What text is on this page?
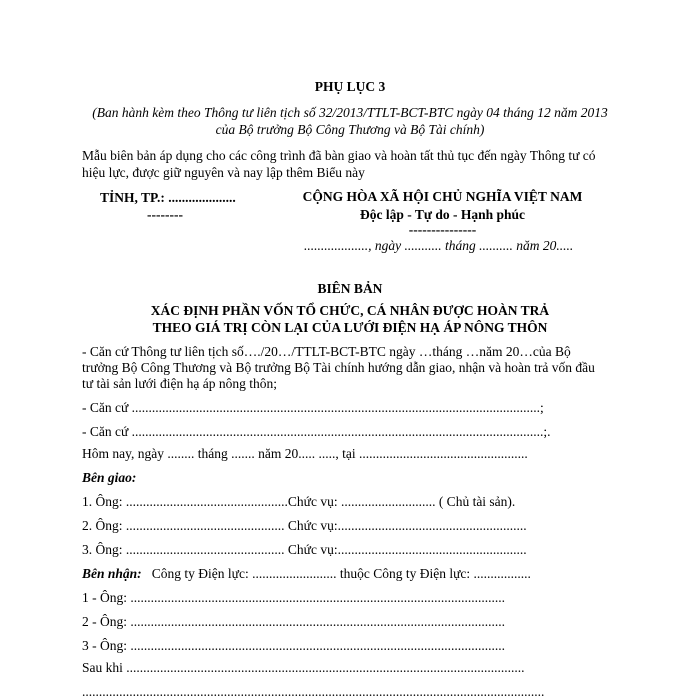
PHỤ LỤC 3
(Ban hành kèm theo Thông tư liên tịch số 32/2013/TTLT-BCT-BTC ngày 04 tháng 12 năm 2013
của Bộ trưởng Bộ Công Thương và Bộ Tài chính)
Mẫu biên bản áp dụng cho các công trình đã bàn giao và hoàn tất thủ tục đến ngày Thông tư có
hiệu lực, được giữ nguyên và nay lập thêm Biểu này
TỈNH, TP.: ....................
--------
CỘNG HÒA XÃ HỘI CHỦ NGHĨA VIỆT NAM
Độc lập - Tự do - Hạnh phúc
---------------
..................., ngày ........... tháng .......... năm 20.....
BIÊN BẢN
XÁC ĐỊNH PHẦN VỐN TỔ CHỨC, CÁ NHÂN ĐƯỢC HOÀN TRẢ
THEO GIÁ TRỊ CÒN LẠI CỦA LƯỚI ĐIỆN HẠ ÁP NÔNG THÔN
- Căn cứ Thông tư liên tịch số…./20…/TTLT-BCT-BTC ngày …tháng …năm 20…của Bộ
trưởng Bộ Công Thương và Bộ trưởng Bộ Tài chính hướng dẫn giao, nhận và hoàn trả vốn đầu
tư tài sản lưới điện hạ áp nông thôn;
- Căn cứ .........................................................................................................................;
- Căn cứ ..........................................................................................................................;.
Hôm nay, ngày ........ tháng ....... năm 20..... ....., tại ..................................................
Bên giao:
1. Ông: ................................................Chức vụ: ............................ ( Chủ tài sản).
2. Ông: ............................................... Chức vụ:........................................................
3. Ông: ............................................... Chức vụ:........................................................
Bên nhận: Công ty Điện lực: ......................... thuộc Công ty Điện lực: .................
1 - Ông: ...............................................................................................................
2 - Ông: ...............................................................................................................
3 - Ông: ...............................................................................................................
Sau khi ......................................................................................................................
.........................................................................................................................................
